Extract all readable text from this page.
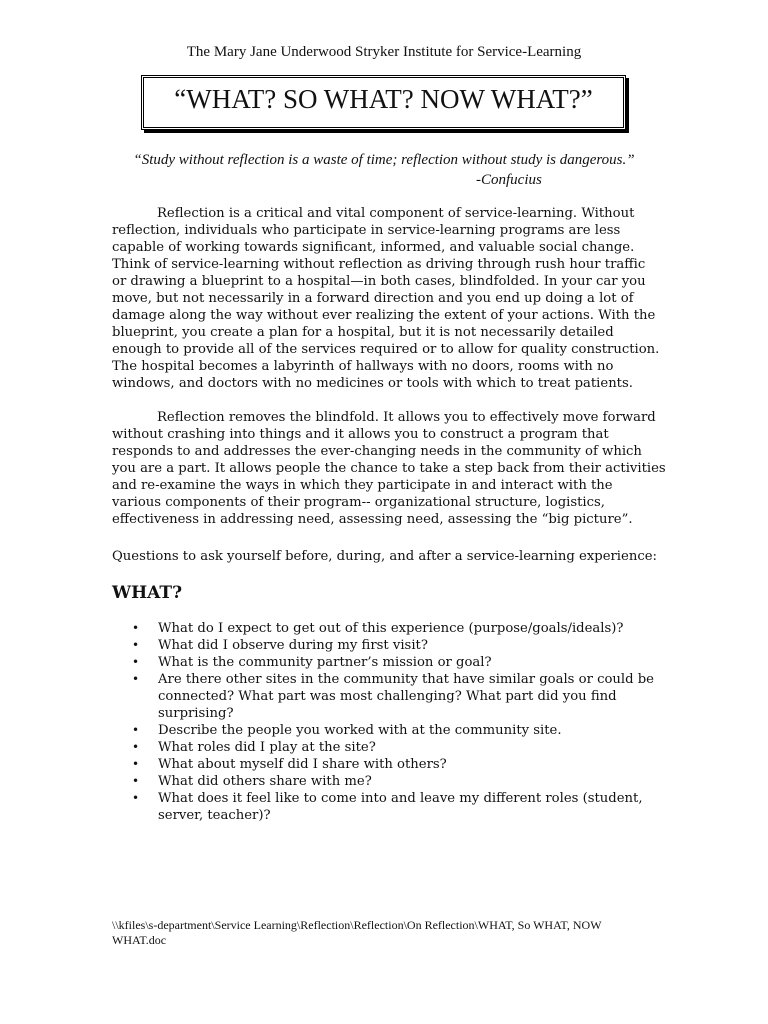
The Mary Jane Underwood Stryker Institute for Service-Learning
“WHAT? SO WHAT? NOW WHAT?”
“Study without reflection is a waste of time; reflection without study is dangerous.”
-Confucius

Reflection is a critical and vital component of service-learning. Without
reflection, individuals who participate in service-learning programs are less
capable of working towards significant, informed, and valuable social change.
Think of service-learning without reflection as driving through rush hour traffic
or drawing a blueprint to a hospital—in both cases, blindfolded. In your car you
move, but not necessarily in a forward direction and you end up doing a lot of
damage along the way without ever realizing the extent of your actions. With the
blueprint, you create a plan for a hospital, but it is not necessarily detailed
enough to provide all of the services required or to allow for quality construction.
The hospital becomes a labyrinth of hallways with no doors, rooms with no
windows, and doctors with no medicines or tools with which to treat patients.

Reflection removes the blindfold. It allows you to effectively move forward
without crashing into things and it allows you to construct a program that
responds to and addresses the ever-changing needs in the community of which
you are a part. It allows people the chance to take a step back from their activities
and re-examine the ways in which they participate in and interact with the
various components of their program-- organizational structure, logistics,
effectiveness in addressing need, assessing need, assessing the “big picture”.

Questions to ask yourself before, during, and after a service-learning experience:

WHAT?
• What do I expect to get out of this experience (purpose/goals/ideals)?
• What did I observe during my first visit?
• What is the community partner’s mission or goal?
• Are there other sites in the community that have similar goals or could be
connected? What part was most challenging? What part did you find
surprising?
• Describe the people you worked with at the community site.
• What roles did I play at the site?
• What about myself did I share with others?
• What did others share with me?
• What does it feel like to come into and leave my different roles (student,
server, teacher)?
\\kfiles\s-department\Service Learning\Reflection\Reflection\On Reflection\WHAT, So WHAT, NOW
WHAT.doc
